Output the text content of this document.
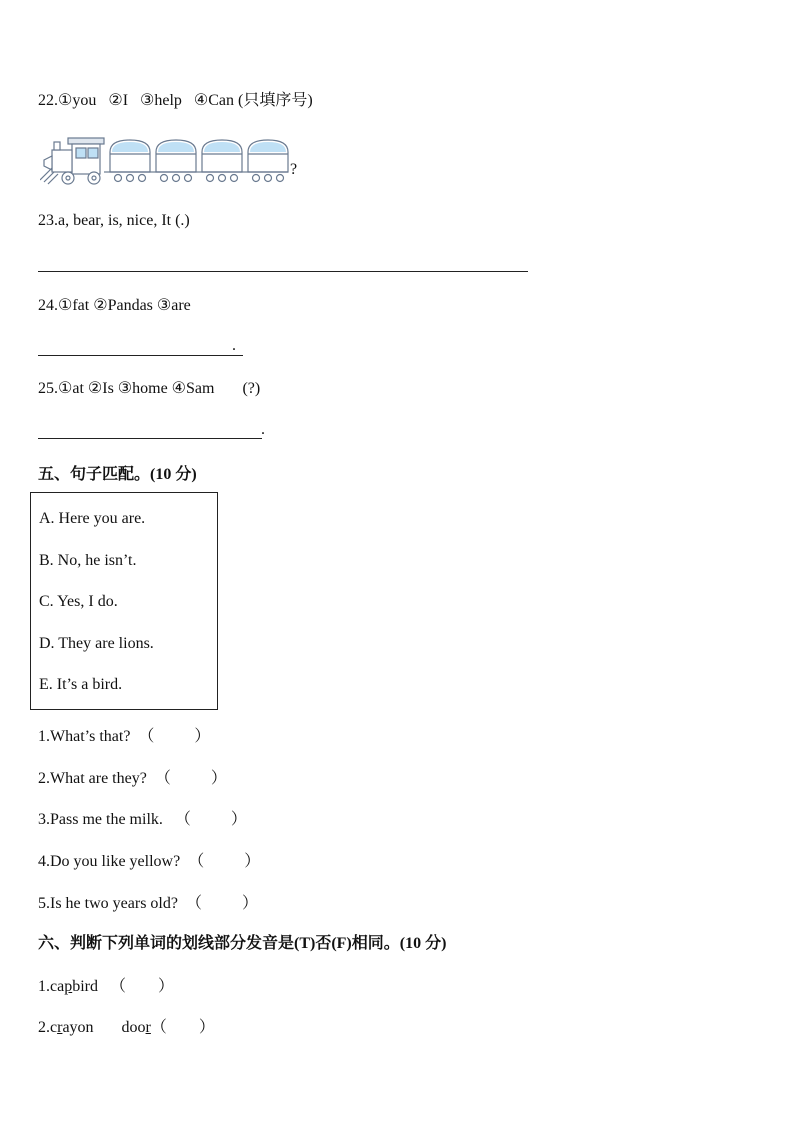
22.①you   ②I   ③help   ④Can (只填序号)
?
23.a, bear, is, nice, It (.)
24.①fat ②Pandas ③are
.
25.①at ②Is ③home ④Sam       (?)
.
五、句子匹配。(10 分)
A. Here you are.
B. No, he isn’t.
C. Yes, I do.
D. They are lions.
E. It’s a bird.
1.What’s that?  （          ）
2.What are they?  （          ）
3.Pass me the milk.   （          ）
4.Do you like yellow?  （          ）
5.Is he two years old?  （          ）
六、判断下列单词的划线部分发音是(T)否(F)相同。(10 分)
1.capbird   （        ）
2.crayon       door（        ）
